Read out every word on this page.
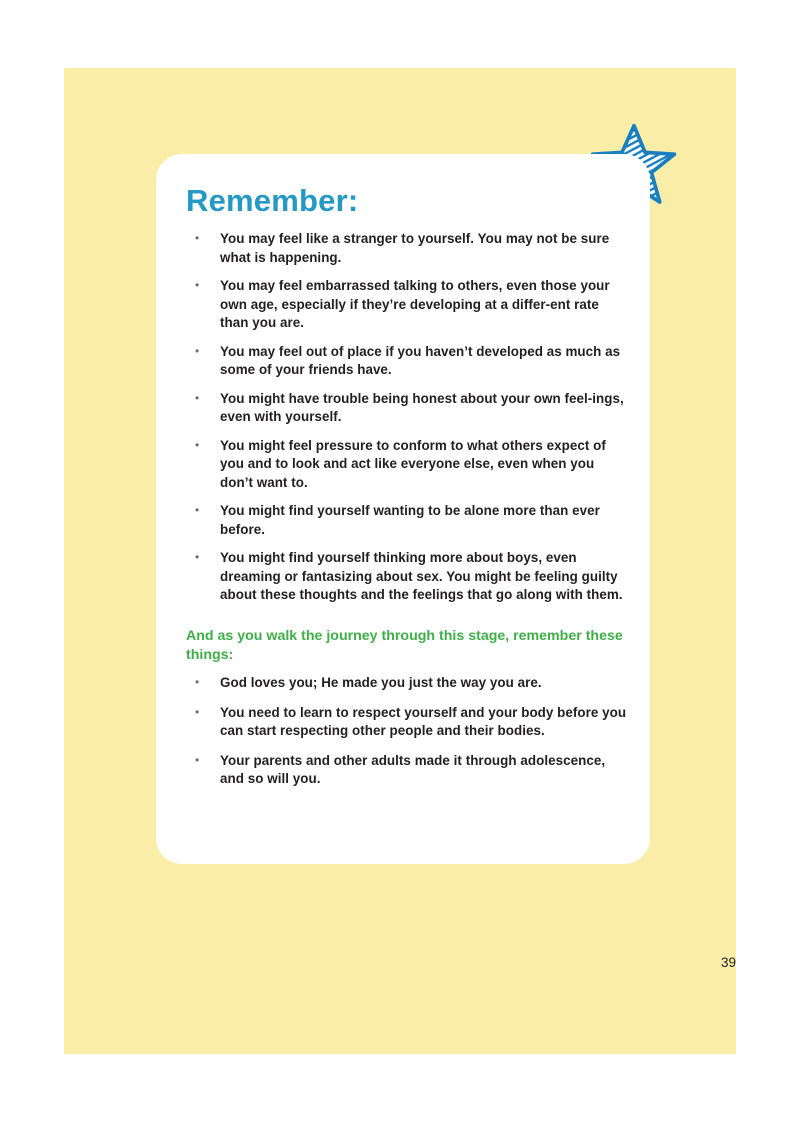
Remember:
• You may feel like a stranger to yourself. You may not be sure what is happening.
• You may feel embarrassed talking to others, even those your own age, especially if they’re developing at a differ-ent rate than you are.
• You may feel out of place if you haven’t developed as much as some of your friends have.
• You might have trouble being honest about your own feel-ings, even with yourself.
• You might feel pressure to conform to what others expect of you and to look and act like everyone else, even when you don’t want to.
• You might find yourself wanting to be alone more than ever before.
• You might find yourself thinking more about boys, even dreaming or fantasizing about sex. You might be feeling guilty about these thoughts and the feelings that go along with them.
And as you walk the journey through this stage, remember these things:
• God loves you; He made you just the way you are.
• You need to learn to respect yourself and your body before you can start respecting other people and their bodies.
• Your parents and other adults made it through adolescence, and so will you.
39
